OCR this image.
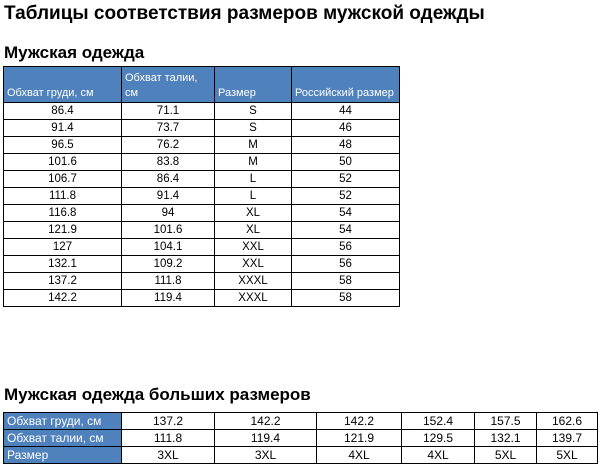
Таблицы соответствия размеров мужской одежды
Мужская одежда
Обхват груди, см	Обхват талии, см	Размер	Российский размер
86.4	71.1	S	44
91.4	73.7	S	46
96.5	76.2	M	48
101.6	83.8	M	50
106.7	86.4	L	52
111.8	91.4	L	52
116.8	94	XL	54
121.9	101.6	XL	54
127	104.1	XXL	56
132.1	109.2	XXL	56
137.2	111.8	XXXL	58
142.2	119.4	XXXL	58
Мужская одежда больших размеров
Обхват груди, см	137.2	142.2	142.2	152.4	157.5	162.6
Обхват талии, см	111.8	119.4	121.9	129.5	132.1	139.7
Размер	3XL	3XL	4XL	4XL	5XL	5XL
